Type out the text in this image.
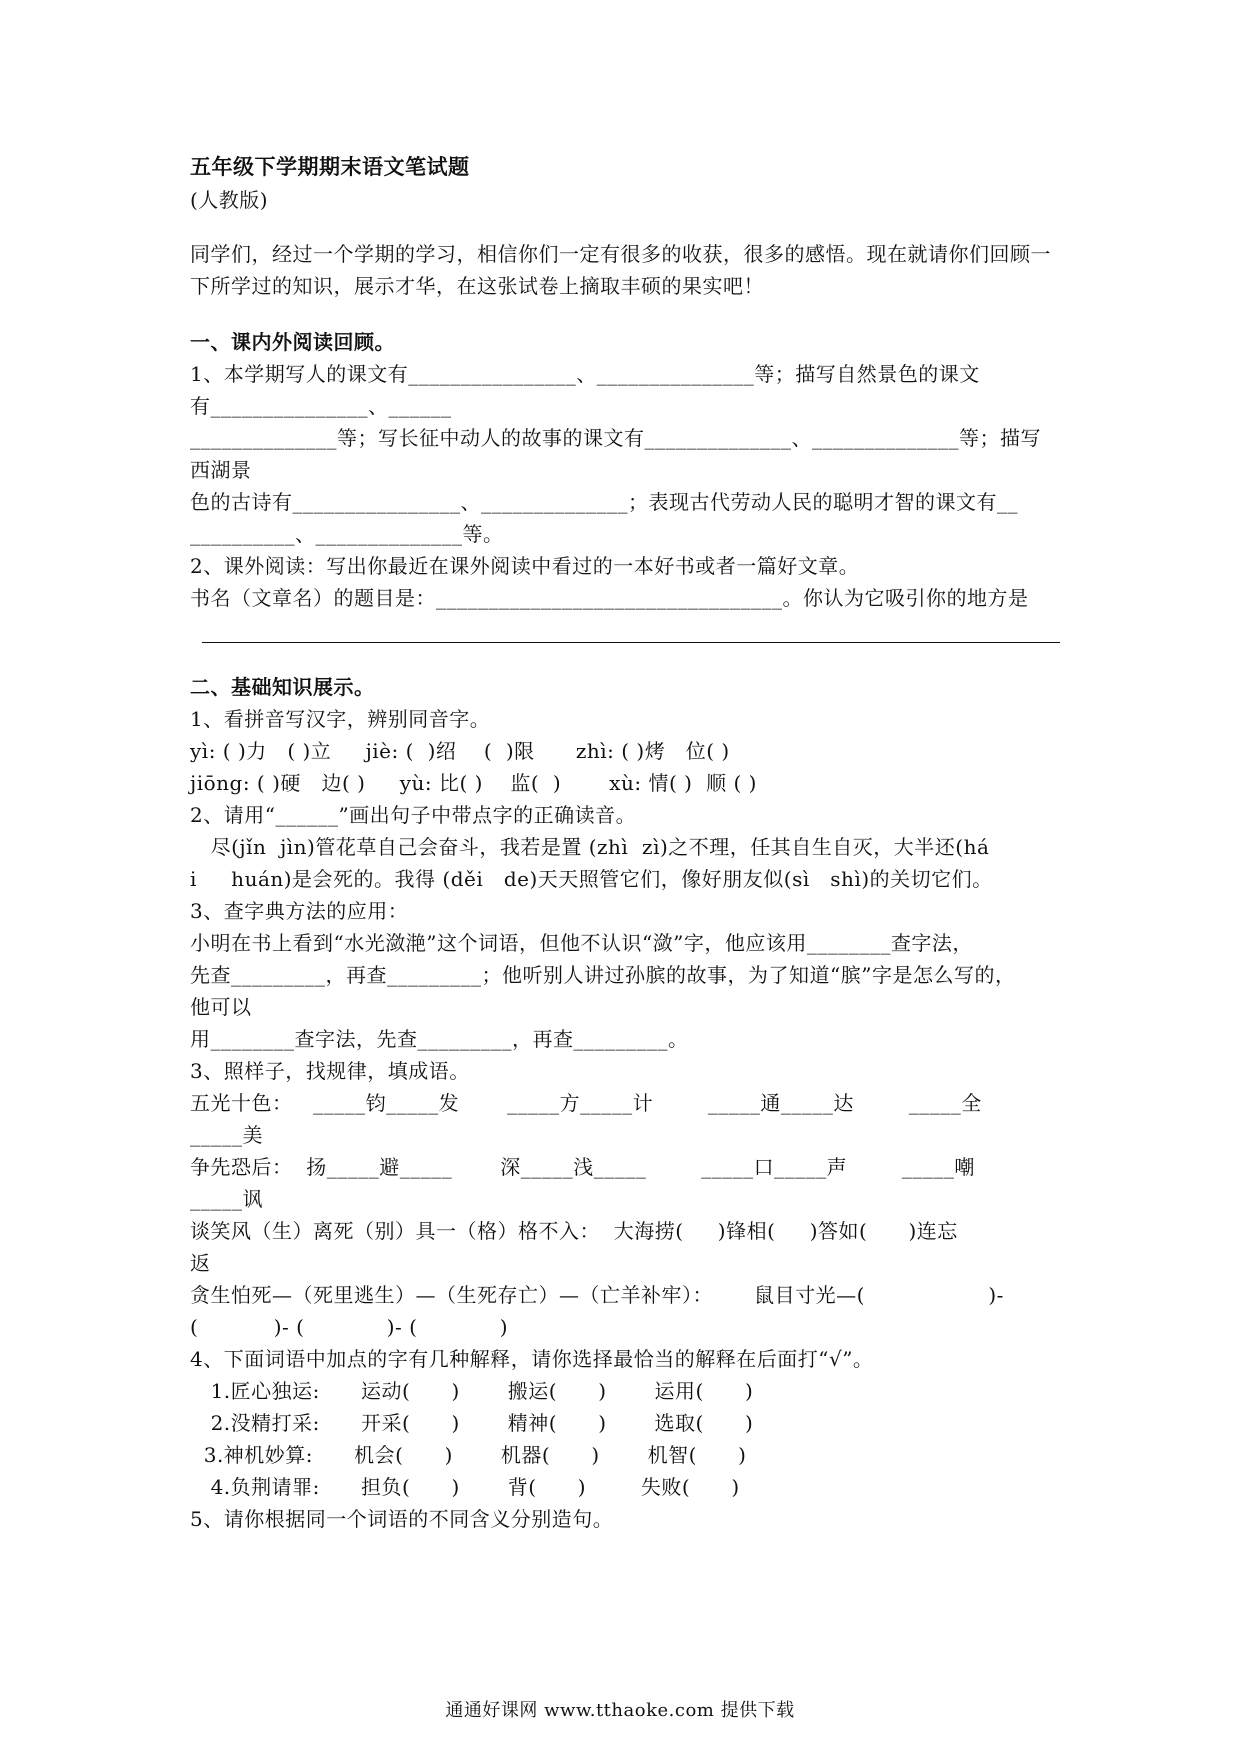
五年级下学期期末语文笔试题
(人教版)
同学们，经过一个学期的学习，相信你们一定有很多的收获，很多的感悟。现在就请你们回顾一下所学过的知识，展示才华，在这张试卷上摘取丰硕的果实吧！
一、课内外阅读回顾。
1、本学期写人的课文有________________、_______________等；描写自然景色的课文
有_______________、______
______________等；写长征中动人的故事的课文有______________、______________等；描写
西湖景
色的古诗有________________、______________；表现古代劳动人民的聪明才智的课文有__
__________、______________等。
2、课外阅读：写出你最近在课外阅读中看过的一本好书或者一篇好文章。
书名（文章名）的题目是：_________________________________。你认为它吸引你的地方是
二、基础知识展示。
1、看拼音写汉字，辨别同音字。
yì: ( )力   ( )立     jiè: (  )绍    (  )限      zhì: ( )烤   位( )
jiōng: ( )硬   边( )     yù: 比( )    监(  )       xù: 情( )  顺 ( )
2、请用“______”画出句子中带点字的正确读音。
尽(jǐn  jìn)管花草自己会奋斗，我若是置 (zhì  zì)之不理，任其自生自灭，大半还(há
i     huán)是会死的。我得 (děi   de)天天照管它们，像好朋友似(sì   shì)的关切它们。
3、查字典方法的应用：
小明在书上看到“水光潋滟”这个词语，但他不认识“潋”字，他应该用________查字法，
先查_________，再查_________；他听别人讲过孙膑的故事，为了知道“膑”字是怎么写的，
他可以
用________查字法，先查_________，再查_________。
3、照样子，找规律，填成语。
五光十色：   _____钧_____发       _____方_____计        _____通_____达        _____全
_____美
争先恐后：  扬_____避_____       深_____浅_____        _____口_____声        _____嘲
_____讽
谈笑风（生）离死（别）具一（格）格不入：  大海捞(     )锋相(     )答如(      )连忘
返
贪生怕死—（死里逃生）—（生死存亡）—（亡羊补牢）：      鼠目寸光—(                  )-
(           )- (            )- (            )
4、下面词语中加点的字有几种解释，请你选择最恰当的解释在后面打“√”。
1.匠心独运:      运动(      )       搬运(      )       运用(      )
2.没精打采:      开采(      )       精神(      )       选取(      )
3.神机妙算:      机会(      )       机器(      )       机智(      )
4.负荆请罪:      担负(      )       背(      )        失败(      )
5、请你根据同一个词语的不同含义分别造句。
通通好课网 www.tthaoke.com 提供下载
